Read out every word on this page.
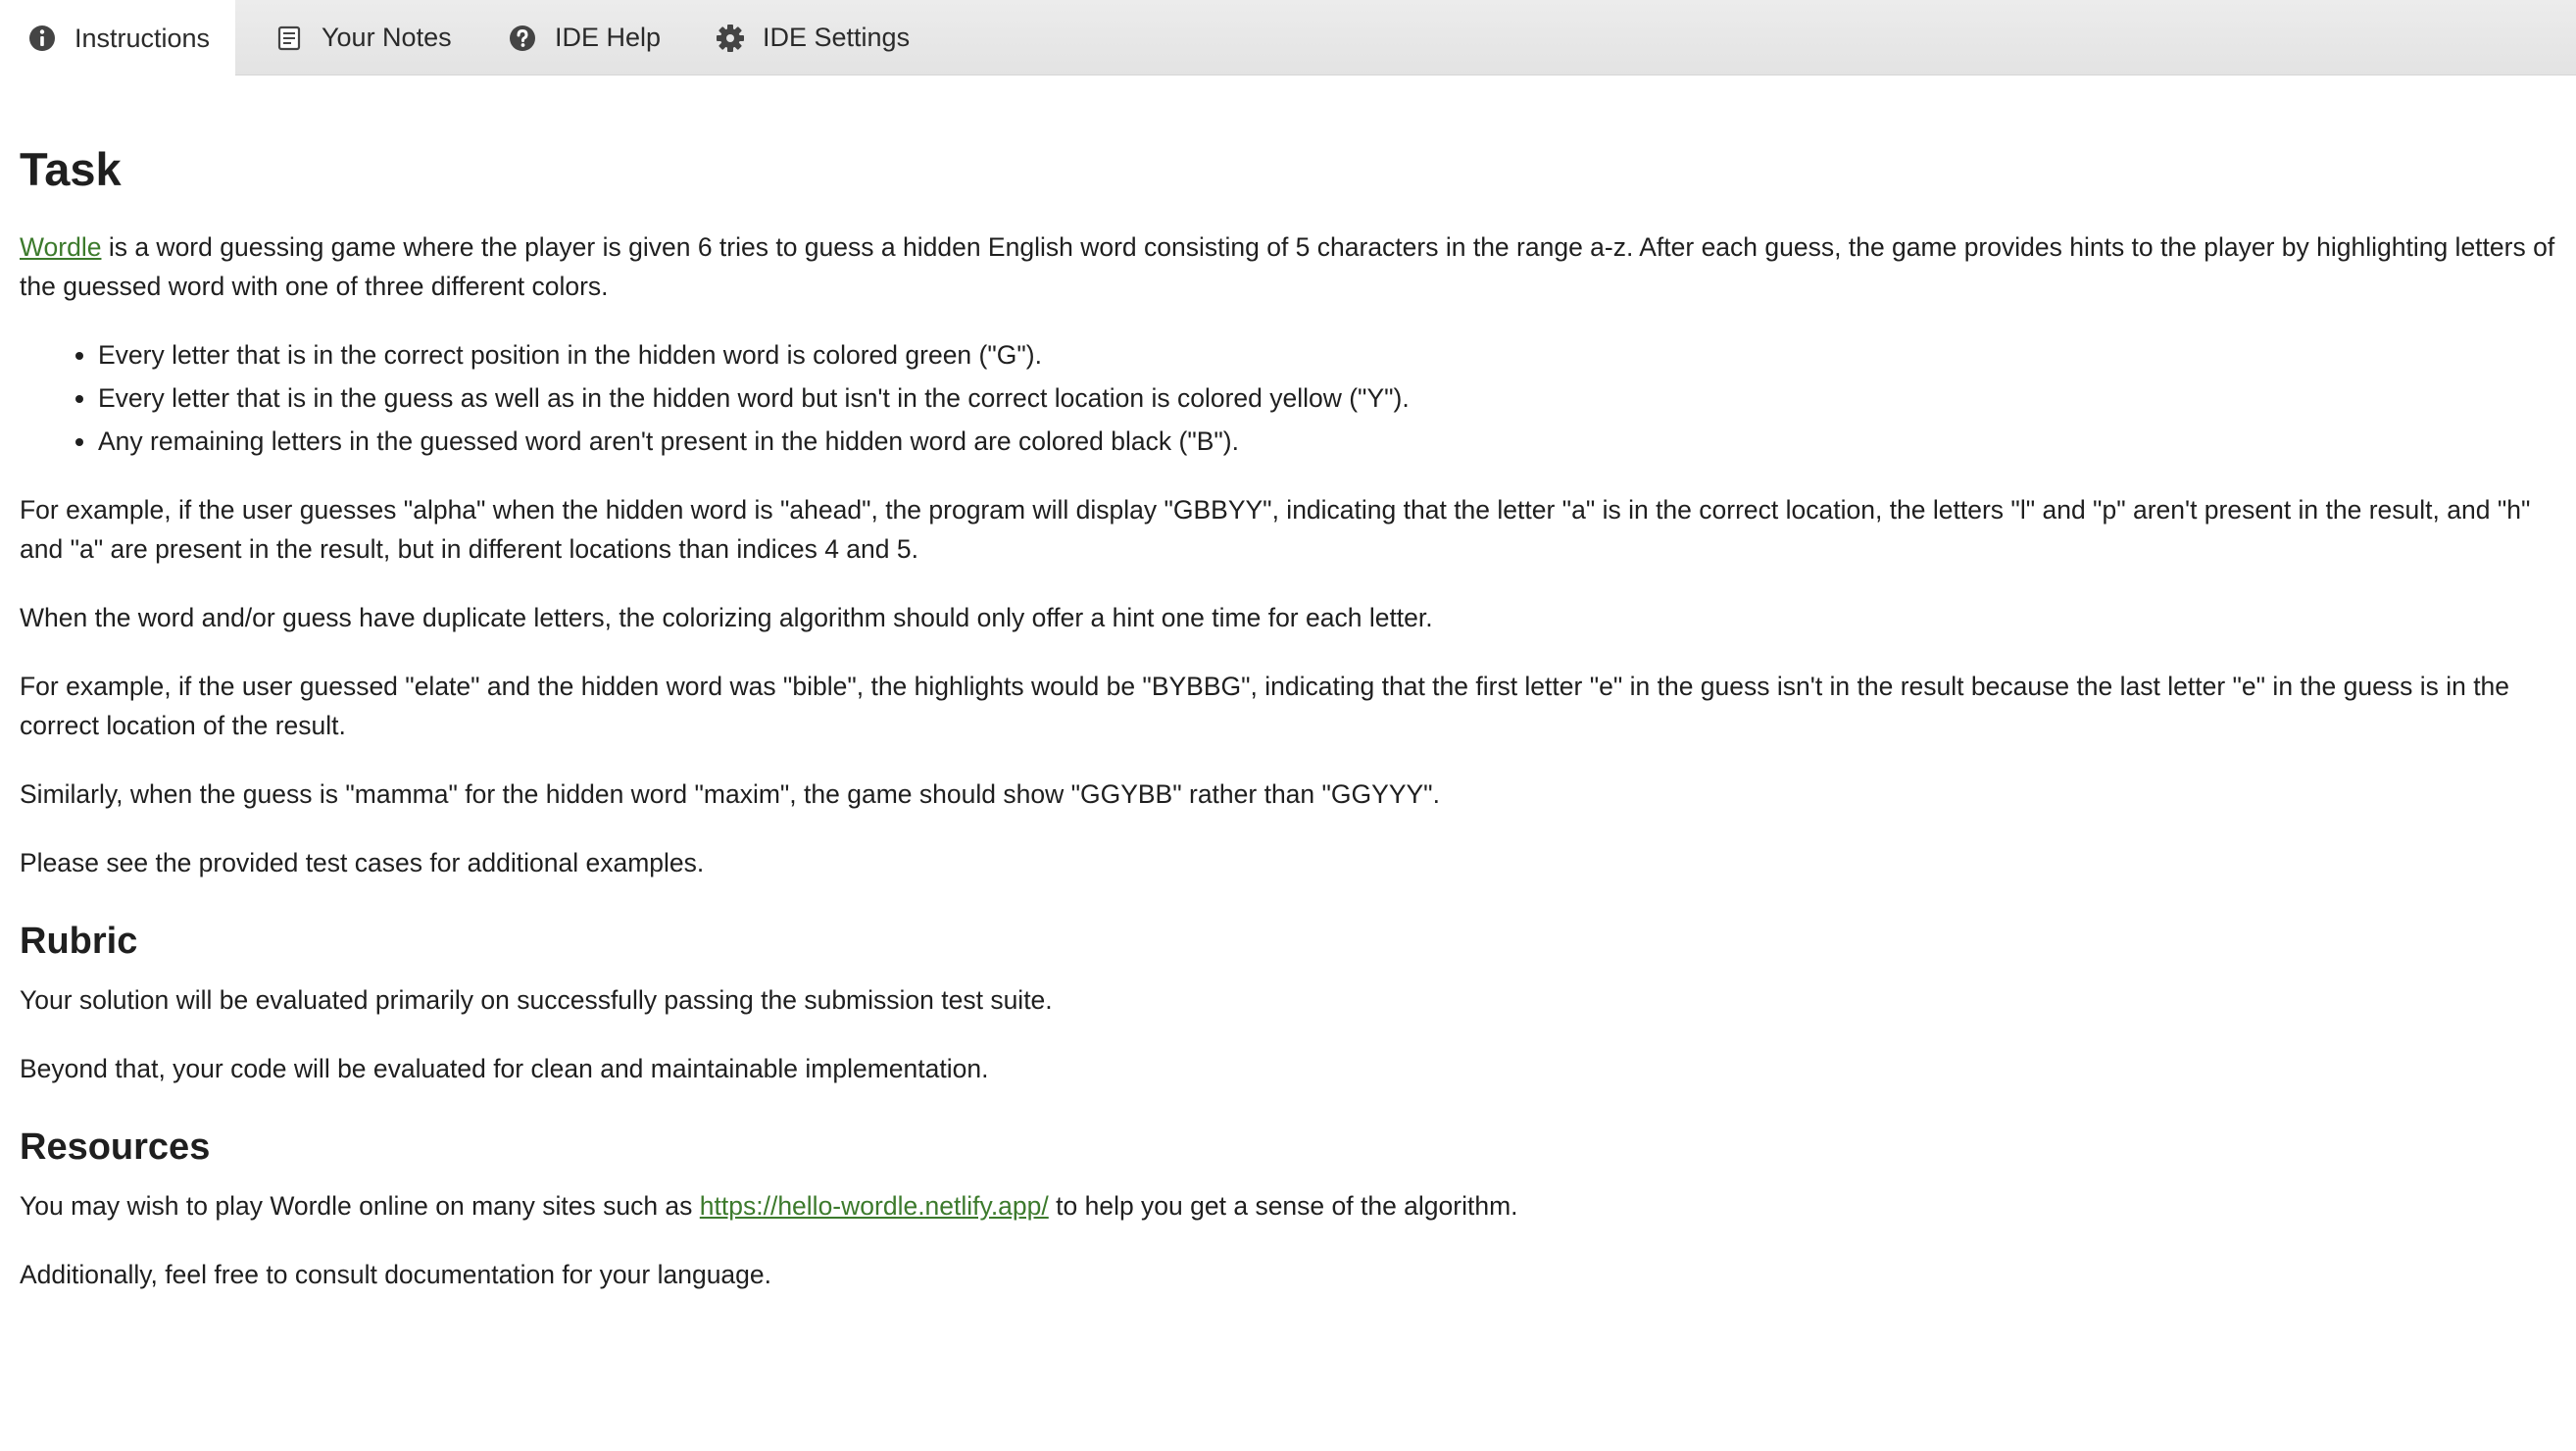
Instructions	Your Notes	IDE Help	IDE Settings
Task

Wordle is a word guessing game where the player is given 6 tries to guess a hidden English word consisting of 5 characters in the range a-z. After each guess, the game provides hints to the player by highlighting letters of the guessed word with one of three different colors.

• Every letter that is in the correct position in the hidden word is colored green ("G").
• Every letter that is in the guess as well as in the hidden word but isn't in the correct location is colored yellow ("Y").
• Any remaining letters in the guessed word aren't present in the hidden word are colored black ("B").

For example, if the user guesses "alpha" when the hidden word is "ahead", the program will display "GBBYY", indicating that the letter "a" is in the correct location, the letters "l" and "p" aren't present in the result, and "h" and "a" are present in the result, but in different locations than indices 4 and 5.

When the word and/or guess have duplicate letters, the colorizing algorithm should only offer a hint one time for each letter.

For example, if the user guessed "elate" and the hidden word was "bible", the highlights would be "BYBBG", indicating that the first letter "e" in the guess isn't in the result because the last letter "e" in the guess is in the correct location of the result.

Similarly, when the guess is "mamma" for the hidden word "maxim", the game should show "GGYBB" rather than "GGYYY".

Please see the provided test cases for additional examples.

Rubric

Your solution will be evaluated primarily on successfully passing the submission test suite.

Beyond that, your code will be evaluated for clean and maintainable implementation.

Resources

You may wish to play Wordle online on many sites such as https://hello-wordle.netlify.app/ to help you get a sense of the algorithm.

Additionally, feel free to consult documentation for your language.
